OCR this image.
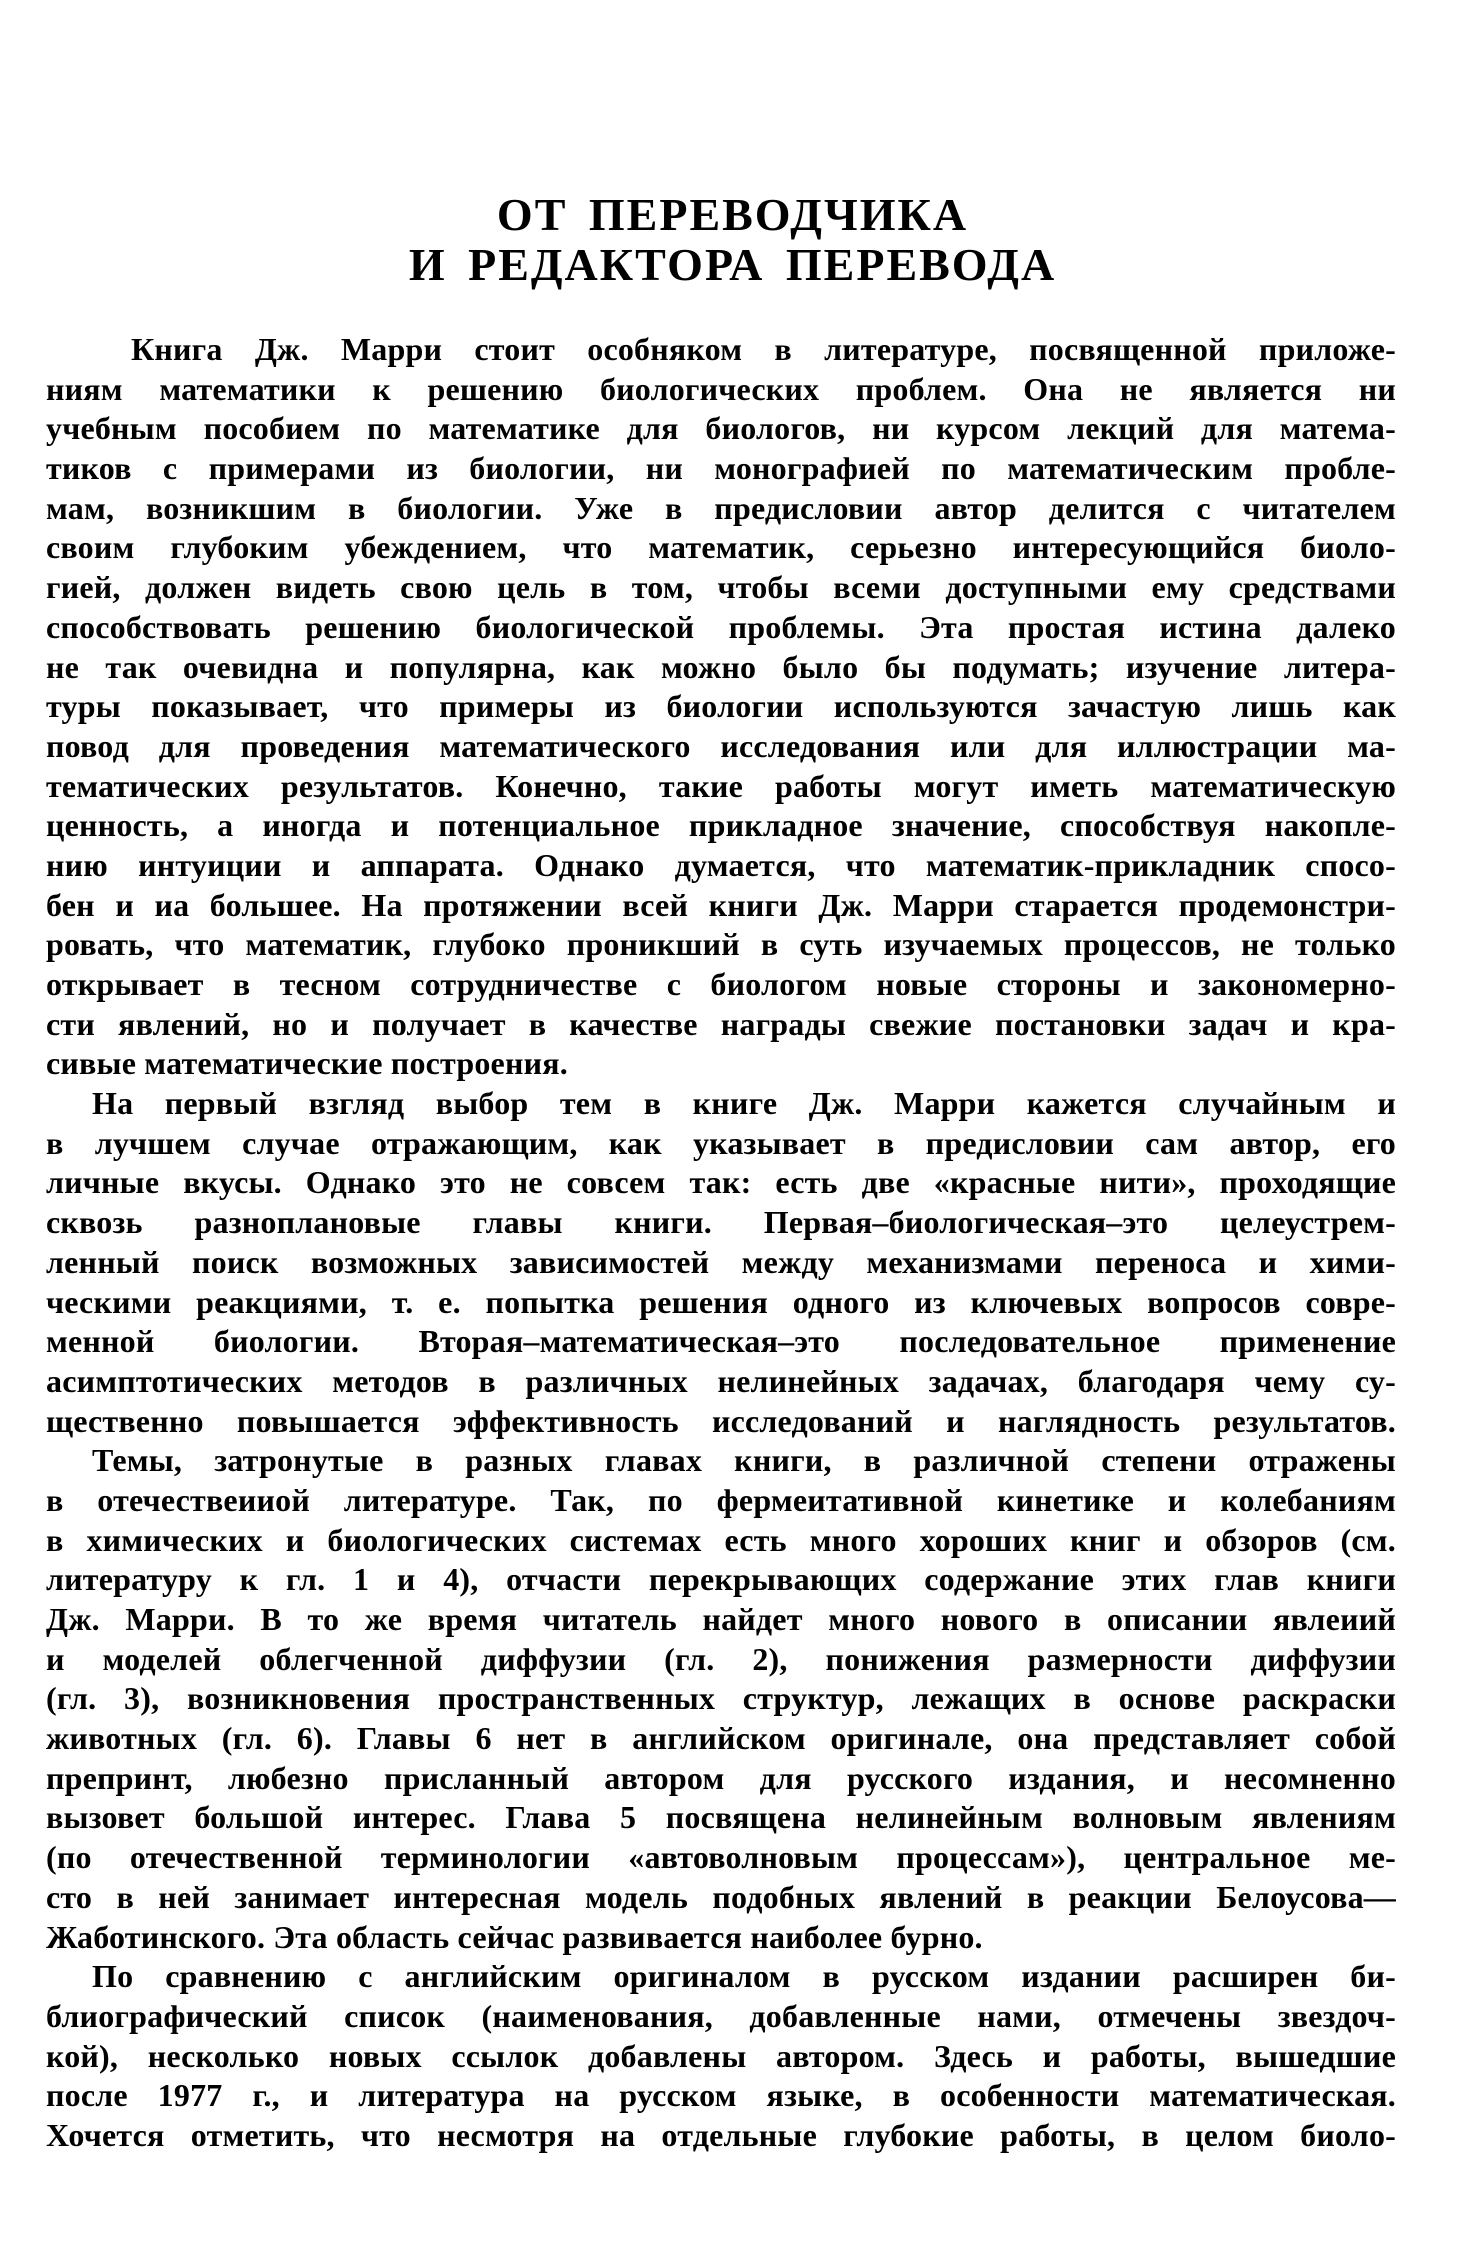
ОТ ПЕРЕВОДЧИКА
И РЕДАКТОРА ПЕРЕВОДА
Книга Дж. Марри стоит особняком в литературе, посвященной приложе-
ниям математики к решению биологических проблем. Она не является ни
учебным пособием по математике для биологов, ни курсом лекций для матема-
тиков с примерами из биологии, ни монографией по математическим пробле-
мам, возникшим в биологии. Уже в предисловии автор делится с читателем
своим глубоким убеждением, что математик, серьезно интересующийся биоло-
гией, должен видеть свою цель в том, чтобы всеми доступными ему средствами
способствовать решению биологической проблемы. Эта простая истина далеко
не так очевидна и популярна, как можно было бы подумать; изучение литера-
туры показывает, что примеры из биологии используются зачастую лишь как
повод для проведения математического исследования или для иллюстрации ма-
тематических результатов. Конечно, такие работы могут иметь математическую
ценность, а иногда и потенциальное прикладное значение, способствуя накопле-
нию интуиции и аппарата. Однако думается, что математик-прикладник спосо-
бен и иа большее. На протяжении всей книги Дж. Марри старается продемонстри-
ровать, что математик, глубоко проникший в суть изучаемых процессов, не только
открывает в тесном сотрудничестве с биологом новые стороны и закономерно-
сти явлений, но и получает в качестве награды свежие постановки задач и кра-
сивые математические построения.
На первый взгляд выбор тем в книге Дж. Марри кажется случайным и
в лучшем случае отражающим, как указывает в предисловии сам автор, его
личные вкусы. Однако это не совсем так: есть две «красные нити», проходящие
сквозь разноплановые главы книги. Первая–биологическая–это целеустрем-
ленный поиск возможных зависимостей между механизмами переноса и хими-
ческими реакциями, т. е. попытка решения одного из ключевых вопросов совре-
менной биологии. Вторая–математическая–это последовательное применение
асимптотических методов в различных нелинейных задачах, благодаря чему су-
щественно повышается эффективность исследований и наглядность результатов.
Темы, затронутые в разных главах книги, в различной степени отражены
в отечествеииой литературе. Так, по фермеитативной кинетике и колебаниям
в химических и биологических системах есть много хороших книг и обзоров (см.
литературу к гл. 1 и 4), отчасти перекрывающих содержание этих глав книги
Дж. Марри. В то же время читатель найдет много нового в описании явлеиий
и моделей облегченной диффузии (гл. 2), понижения размерности диффузии
(гл. 3), возникновения пространственных структур, лежащих в основе раскраски
животных (гл. 6). Главы 6 нет в английском оригинале, она представляет собой
препринт, любезно присланный автором для русского издания, и несомненно
вызовет большой интерес. Глава 5 посвящена нелинейным волновым явлениям
(по отечественной терминологии «автоволновым процессам»), центральное ме-
сто в ней занимает интересная модель подобных явлений в реакции Белоусова—
Жаботинского. Эта область сейчас развивается наиболее бурно.
По сравнению с английским оригиналом в русском издании расширен би-
блиографический список (наименования, добавленные нами, отмечены звездоч-
кой), несколько новых ссылок добавлены автором. Здесь и работы, вышедшие
после 1977 г., и литература на русском языке, в особенности математическая.
Хочется отметить, что несмотря на отдельные глубокие работы, в целом биоло-
